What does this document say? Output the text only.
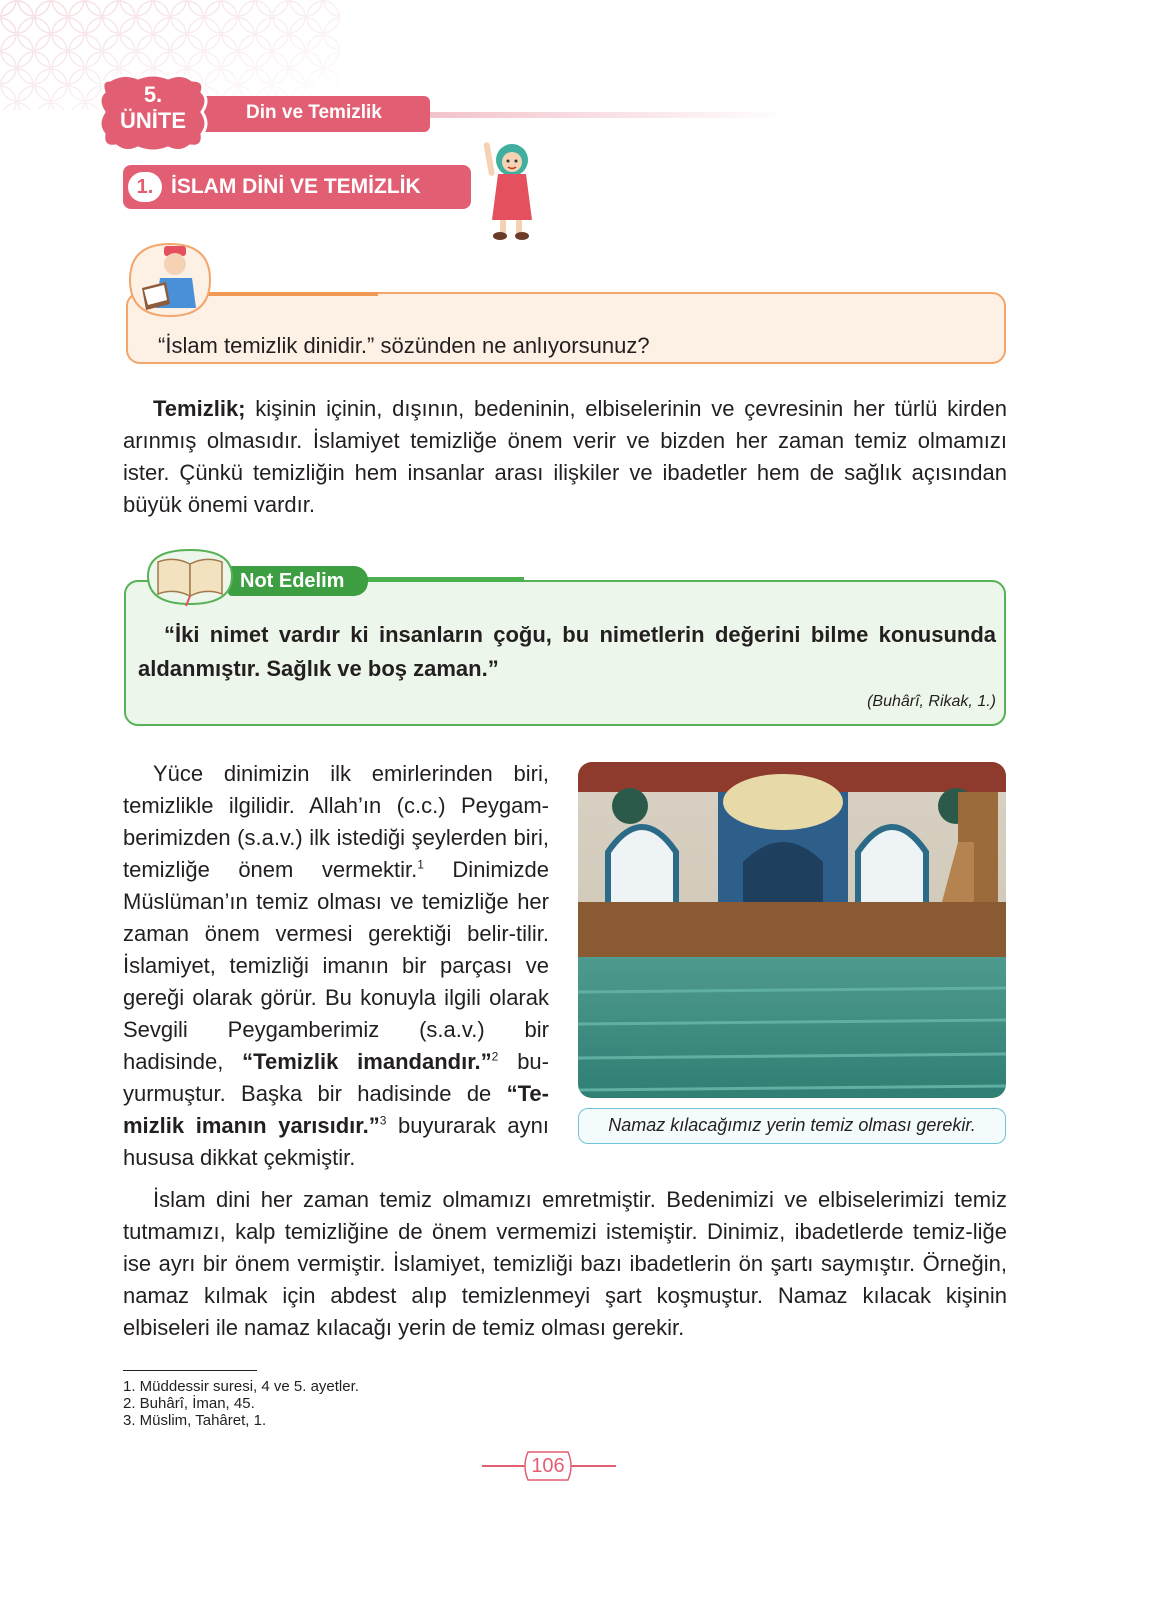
Din ve Temizlik
5.
ÜNİTE
İSLAM DİNİ VE TEMİZLİK
1.
“İslam temizlik dinidir.” sözünden ne anlıyorsunuz?
Temizlik; kişinin içinin, dışının, bedeninin, elbiselerinin ve çevresinin her türlü kirden arınmış olmasıdır. İslamiyet temizliğe önem verir ve bizden her zaman temiz olmamızı ister. Çünkü temizliğin hem insanlar arası ilişkiler ve ibadetler hem de sağlık açısından büyük önemi vardır.
Not Edelim
“İki nimet vardır ki insanların çoğu, bu nimetlerin değerini bilme konusunda aldanmıştır. Sağlık ve boş zaman.”
(Buhârî, Rikak, 1.)
Namaz kılacağımız yerin temiz olması gerekir.
Yüce dinimizin ilk emirlerinden biri, temizlikle ilgilidir. Allah’ın (c.c.) Peygam-berimizden (s.a.v.) ilk istediği şeylerden biri, temizliğe önem vermektir.$^1$ Dinimizde Müslüman’ın temiz olması ve temizliğe her zaman önem vermesi gerektiği belir-tilir. İslamiyet, temizliği imanın bir parçası ve gereği olarak görür. Bu konuyla ilgili olarak Sevgili Peygamberimiz (s.a.v.) bir hadisinde, “Temizlik imandandır.”$^2$ bu-yurmuştur. Başka bir hadisinde de “Te-mizlik imanın yarısıdır.”$^3$ buyurarak aynı hususa dikkat çekmiştir.
İslam dini her zaman temiz olmamızı emretmiştir. Bedenimizi ve elbiselerimizi temiz tutmamızı, kalp temizliğine de önem vermemizi istemiştir. Dinimiz, ibadetlerde temiz-liğe ise ayrı bir önem vermiştir. İslamiyet, temizliği bazı ibadetlerin ön şartı saymıştır. Örneğin, namaz kılmak için abdest alıp temizlenmeyi şart koşmuştur. Namaz kılacak kişinin elbiseleri ile namaz kılacağı yerin de temiz olması gerekir.
1. Müddessir suresi, 4 ve 5. ayetler.
2. Buhârî, İman, 45.
3. Müslim, Tahâret, 1.
106
